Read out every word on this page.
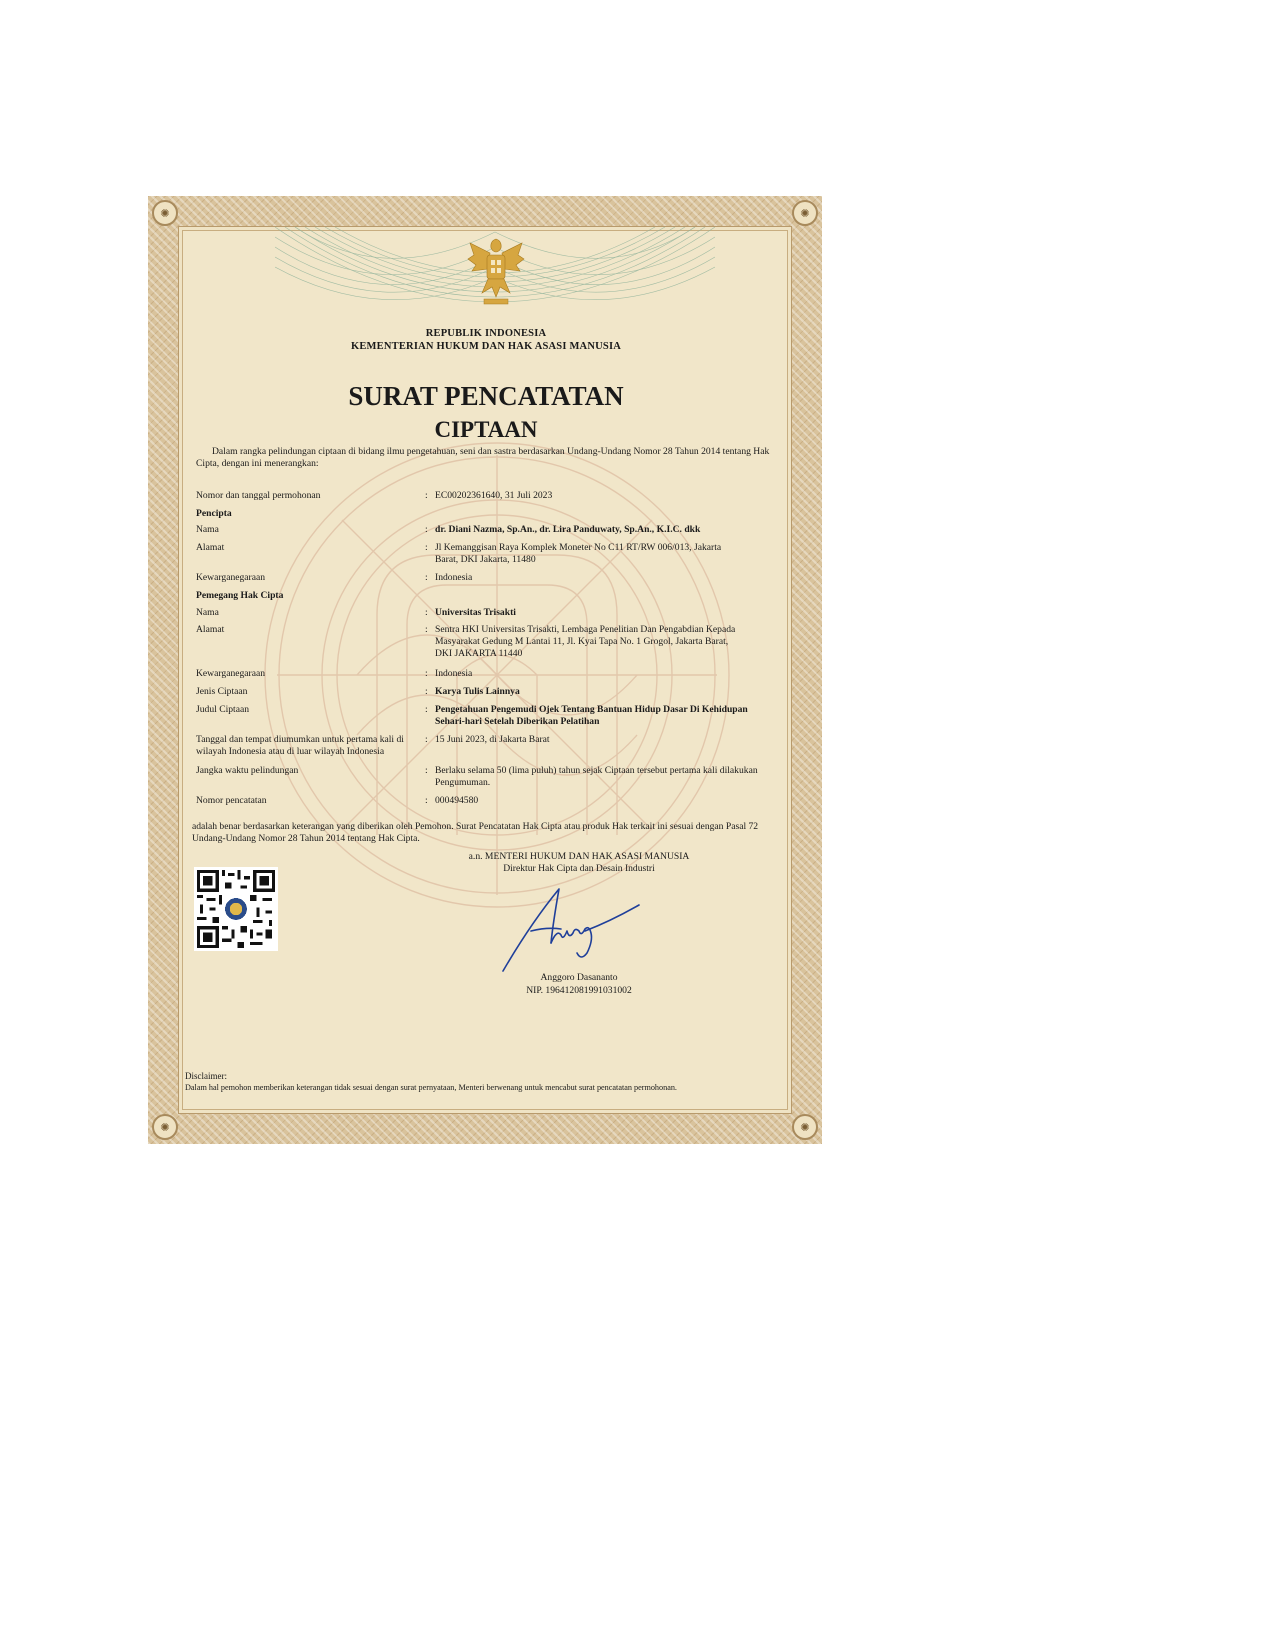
✺	✺
✺	✺
REPUBLIK INDONESIA
KEMENTERIAN HUKUM DAN HAK ASASI MANUSIA
SURAT PENCATATAN
CIPTAAN
Dalam rangka pelindungan ciptaan di bidang ilmu pengetahuan, seni dan sastra berdasarkan Undang-Undang Nomor 28 Tahun 2014 tentang Hak Cipta, dengan ini menerangkan:
Nomor dan tanggal permohonan	: EC00202361640, 31 Juli 2023
Pencipta
Nama	: dr. Diani Nazma, Sp.An., dr. Lira Panduwaty, Sp.An., K.I.C. dkk
Alamat	: Jl Kemanggisan Raya Komplek Moneter No C11 RT/RW 006/013, Jakarta Barat, DKI Jakarta, 11480
Kewarganegaraan	: Indonesia
Pemegang Hak Cipta
Nama	: Universitas Trisakti
Alamat	: Sentra HKI Universitas Trisakti, Lembaga Penelitian Dan Pengabdian Kepada Masyarakat Gedung M Lantai 11, Jl. Kyai Tapa No. 1 Grogol, Jakarta Barat, DKI JAKARTA 11440
Kewarganegaraan	: Indonesia
Jenis Ciptaan	: Karya Tulis Lainnya
Judul Ciptaan	: Pengetahuan Pengemudi Ojek Tentang Bantuan Hidup Dasar Di Kehidupan Sehari-hari Setelah Diberikan Pelatihan
Tanggal dan tempat diumumkan untuk pertama kali di wilayah Indonesia atau di luar wilayah Indonesia
: 15 Juni 2023, di Jakarta Barat
Jangka waktu pelindungan	: Berlaku selama 50 (lima puluh) tahun sejak Ciptaan tersebut pertama kali dilakukan Pengumuman.
Nomor pencatatan	: 000494580
adalah benar berdasarkan keterangan yang diberikan oleh Pemohon. Surat Pencatatan Hak Cipta atau produk Hak terkait ini sesuai dengan Pasal 72 Undang-Undang Nomor 28 Tahun 2014 tentang Hak Cipta.
a.n. MENTERI HUKUM DAN HAK ASASI MANUSIA
Direktur Hak Cipta dan Desain Industri
Anggoro Dasananto
NIP. 196412081991031002
Disclaimer:
Dalam hal pemohon memberikan keterangan tidak sesuai dengan surat pernyataan, Menteri berwenang untuk mencabut surat pencatatan permohonan.
